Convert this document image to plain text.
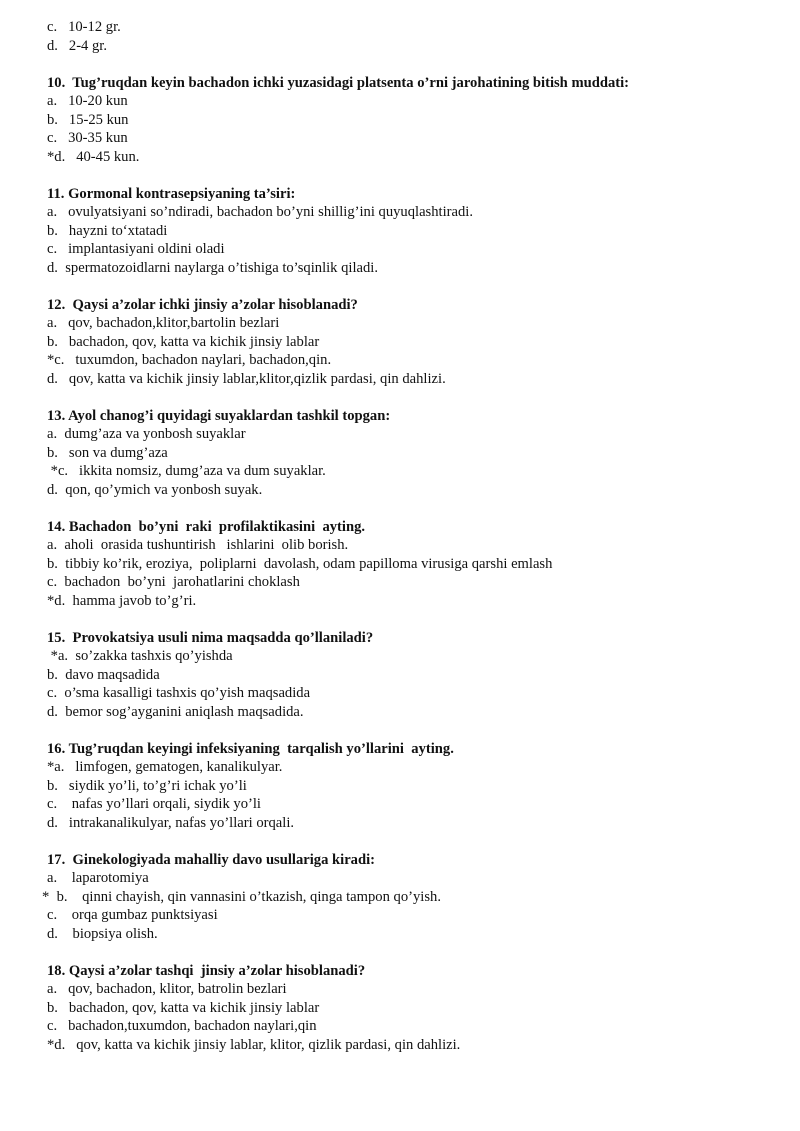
c.   10-12 gr.
d.   2-4 gr.
10.  Tug’ruqdan keyin bachadon ichki yuzasidagi platsenta o’rni jarohatining bitish muddati:
a.   10-20 kun
b.   15-25 kun
c.   30-35 kun
*d.   40-45 kun.
11. Gormonal kontrasepsiyaning ta’siri:
a.   ovulyatsiyani so’ndiradi, bachadon bo’yni shillig’ini quyuqlashtiradi.
b.   hayzni to‘xtatadi
c.   implantasiyani oldini oladi
d.  spermatozoidlarni naylarga o’tishiga to’sqinlik qiladi.
12.  Qaysi a’zolar ichki jinsiy a’zolar hisoblanadi?
a.   qov, bachadon,klitor,bartolin bezlari
b.   bachadon, qov, katta va kichik jinsiy lablar
*c.   tuxumdon, bachadon naylari, bachadon,qin.
d.   qov, katta va kichik jinsiy lablar,klitor,qizlik pardasi, qin dahlizi.
13. Ayol chanog’i quyidagi suyaklardan tashkil topgan:
a.  dumg’aza va yonbosh suyaklar
b.   son va dumg’aza
*c.   ikkita nomsiz, dumg’aza va dum suyaklar.
d.  qon, qo’ymich va yonbosh suyak.
14. Bachadon  bo’yni  raki  profilaktikasini  ayting.
a.  aholi  orasida tushuntirish   ishlarini  olib borish.
b.  tibbiy ko’rik, eroziya,  poliplarni  davolash, odam papilloma virusiga qarshi emlash
c.  bachadon  bo’yni  jarohatlarini choklash
*d.  hamma javob to’g’ri.
15.  Provokatsiya usuli nima maqsadda qo’llaniladi?
*a.  so’zakka tashxis qo’yishda
b.  davo maqsadida
c.  o’sma kasalligi tashxis qo’yish maqsadida
d.  bemor sog’ayganini aniqlash maqsadida.
16. Tug’ruqdan keyingi infeksiyaning  tarqalish yo’llarini  ayting.
*a.   limfogen, gematogen, kanalikulyar.
b.   siydik yo’li, to’g’ri ichak yo’li
c.    nafas yo’llari orqali, siydik yo’li
d.   intrakanalikulyar, nafas yo’llari orqali.
17.  Ginekologiyada mahalliy davo usullariga kiradi:
a.    laparotomiya
*  b.    qinni chayish, qin vannasini o’tkazish, qinga tampon qo’yish.
c.    orqa gumbaz punktsiyasi
d.    biopsiya olish.
18. Qaysi a’zolar tashqi  jinsiy a’zolar hisoblanadi?
a.   qov, bachadon, klitor, batrolin bezlari
b.   bachadon, qov, katta va kichik jinsiy lablar
c.   bachadon,tuxumdon, bachadon naylari,qin
*d.   qov, katta va kichik jinsiy lablar, klitor, qizlik pardasi, qin dahlizi.
